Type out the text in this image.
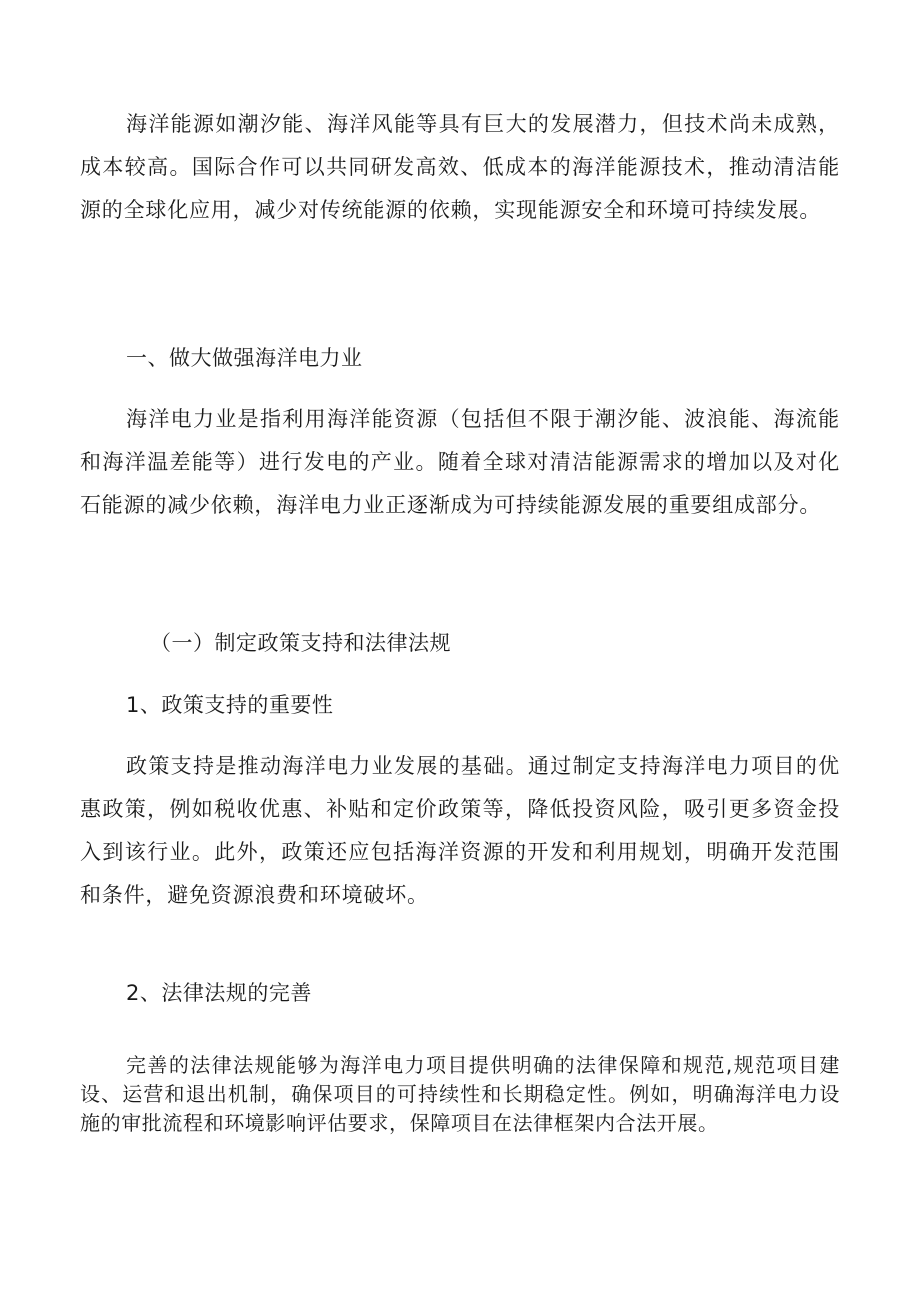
海洋能源如潮汐能、海洋风能等具有巨大的发展潜力，但技术尚未成熟，成本较高。国际合作可以共同研发高效、低成本的海洋能源技术，推动清洁能源的全球化应用，减少对传统能源的依赖，实现能源安全和环境可持续发展。

一、做大做强海洋电力业

海洋电力业是指利用海洋能资源（包括但不限于潮汐能、波浪能、海流能和海洋温差能等）进行发电的产业。随着全球对清洁能源需求的增加以及对化石能源的减少依赖，海洋电力业正逐渐成为可持续能源发展的重要组成部分。

（一）制定政策支持和法律法规
1、政策支持的重要性

政策支持是推动海洋电力业发展的基础。通过制定支持海洋电力项目的优惠政策，例如税收优惠、补贴和定价政策等，降低投资风险，吸引更多资金投入到该行业。此外，政策还应包括海洋资源的开发和利用规划，明确开发范围和条件，避免资源浪费和环境破坏。

2、法律法规的完善

完善的法律法规能够为海洋电力项目提供明确的法律保障和规范,规范项目建设、运营和退出机制，确保项目的可持续性和长期稳定性。例如，明确海洋电力设施的审批流程和环境影响评估要求，保障项目在法律框架内合法开展。
